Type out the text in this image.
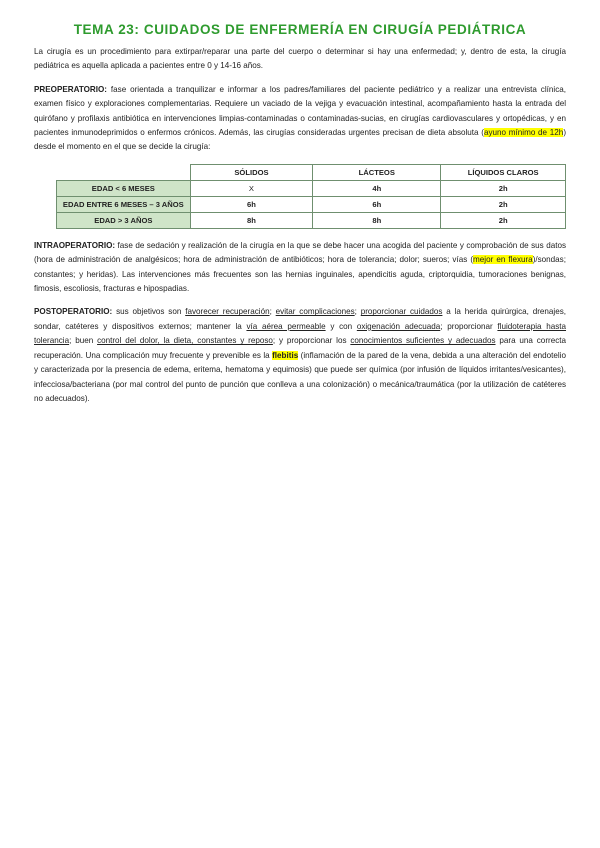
TEMA 23: CUIDADOS DE ENFERMERÍA EN CIRUGÍA PEDIÁTRICA

La cirugía es un procedimiento para extirpar/reparar una parte del cuerpo o determinar si hay una enfermedad; y, dentro de esta, la cirugía pediátrica es aquella aplicada a pacientes entre 0 y 14-16 años.

PREOPERATORIO: fase orientada a tranquilizar e informar a los padres/familiares del paciente pediátrico y a realizar una entrevista clínica, examen físico y exploraciones complementarias. Requiere un vaciado de la vejiga y evacuación intestinal, acompañamiento hasta la entrada del quirófano y profilaxis antibiótica en intervenciones limpias-contaminadas o contaminadas-sucias, en cirugías cardiovasculares y ortopédicas, y en pacientes inmunodeprimidos o enfermos crónicos. Además, las cirugías consideradas urgentes precisan de dieta absoluta (ayuno mínimo de 12h) desde el momento en el que se decide la cirugía:

	SÓLIDOS	LÁCTEOS	LÍQUIDOS CLAROS
EDAD < 6 MESES	X	4h	2h
EDAD ENTRE 6 MESES – 3 AÑOS	6h	6h	2h
EDAD > 3 AÑOS	8h	8h	2h

INTRAOPERATORIO: fase de sedación y realización de la cirugía en la que se debe hacer una acogida del paciente y comprobación de sus datos (hora de administración de analgésicos; hora de administración de antibióticos; hora de tolerancia; dolor; sueros; vías (mejor en flexura)/sondas; constantes; y heridas). Las intervenciones más frecuentes son las hernias inguinales, apendicitis aguda, criptorquidia, tumoraciones benignas, fimosis, escoliosis, fracturas e hipospadias.

POSTOPERATORIO: sus objetivos son favorecer recuperación; evitar complicaciones; proporcionar cuidados a la herida quirúrgica, drenajes, sondar, catéteres y dispositivos externos; mantener la vía aérea permeable y con oxigenación adecuada; proporcionar fluidoterapia hasta tolerancia; buen control del dolor, la dieta, constantes y reposo; y proporcionar los conocimientos suficientes y adecuados para una correcta recuperación. Una complicación muy frecuente y prevenible es la flebitis (inflamación de la pared de la vena, debida a una alteración del endotelio y caracterizada por la presencia de edema, eritema, hematoma y equimosis) que puede ser química (por infusión de líquidos irritantes/vesicantes), infecciosa/bacteriana (por mal control del punto de punción que conlleva a una colonización) o mecánica/traumática (por la utilización de catéteres no adecuados).
